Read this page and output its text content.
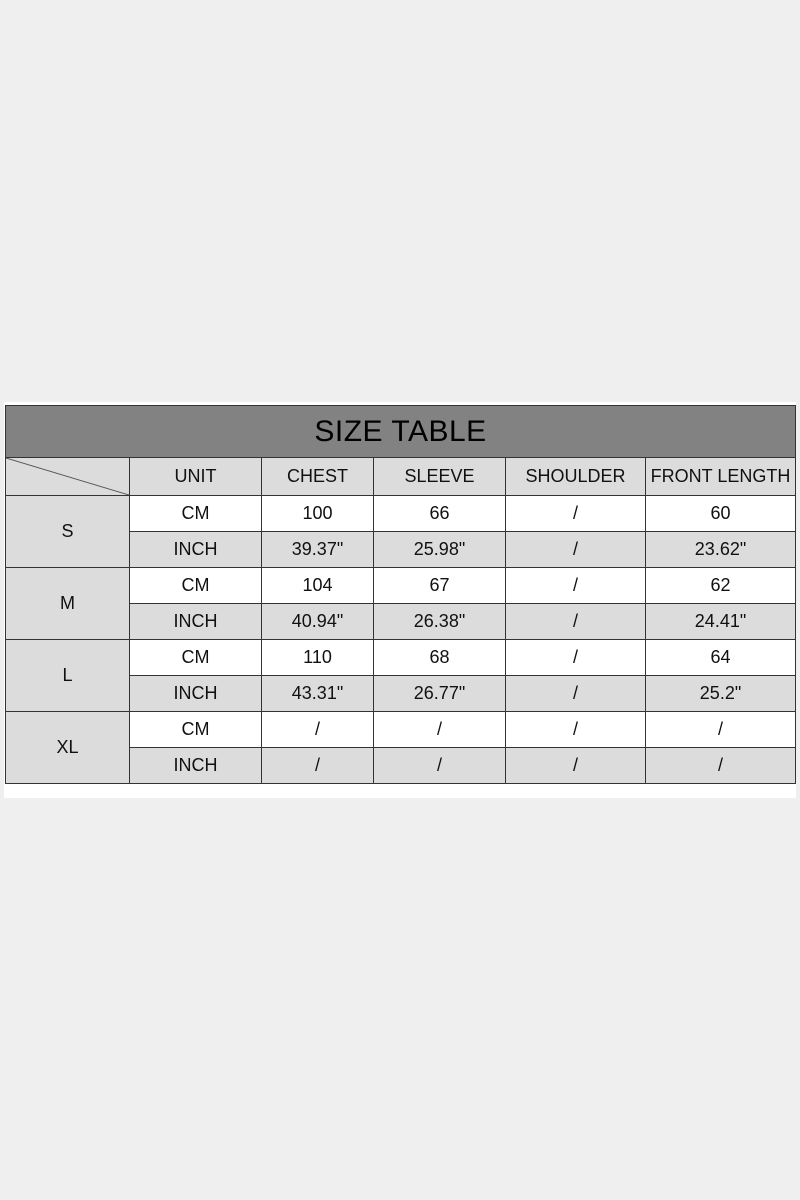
SIZE TABLE					

	UNIT	CHEST	SLEEVE	SHOULDER	FRONT LENGTH
S	CM	100	66	/	60
	INCH	39.37"	25.98"	/	23.62"
M	CM	104	67	/	62
	INCH	40.94"	26.38"	/	24.41"
L	CM	110	68	/	64
	INCH	43.31"	26.77"	/	25.2"
XL	CM	/	/	/	/
	INCH	/	/	/	/
